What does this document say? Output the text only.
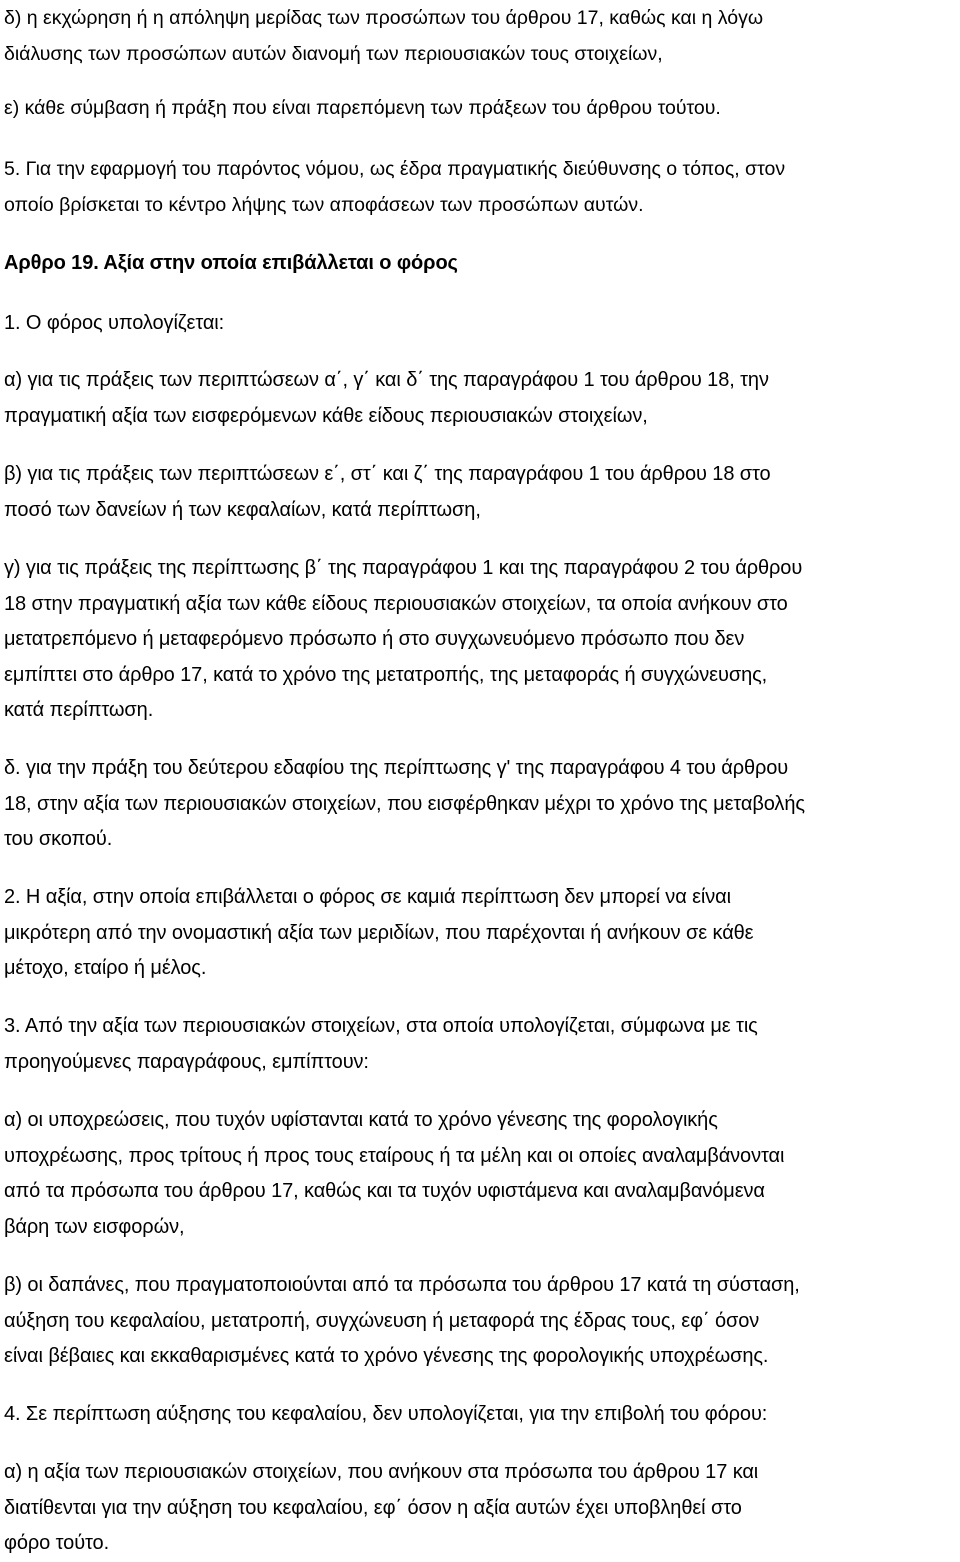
δ) η εκχώρηση ή η απόληψη μερίδας των προσώπων του άρθρου 17, καθώς και η λόγω
διάλυσης των προσώπων αυτών διανομή των περιουσιακών τους στοιχείων,
ε) κάθε σύμβαση ή πράξη που είναι παρεπόμενη των πράξεων του άρθρου τούτου.
5. Για την εφαρμογή του παρόντος νόμου, ως έδρα πραγματικής διεύθυνσης ο τόπος, στον
οποίο βρίσκεται το κέντρο λήψης των αποφάσεων των προσώπων αυτών.
Αρθρο 19. Αξία στην οποία επιβάλλεται ο φόρος
1. Ο φόρος υπολογίζεται:
α) για τις πράξεις των περιπτώσεων α΄, γ΄ και δ΄ της παραγράφου 1 του άρθρου 18, την
πραγματική αξία των εισφερόμενων κάθε είδους περιουσιακών στοιχείων,
β) για τις πράξεις των περιπτώσεων ε΄, στ΄ και ζ΄ της παραγράφου 1 του άρθρου 18 στο
ποσό των δανείων ή των κεφαλαίων, κατά περίπτωση,
γ) για τις πράξεις της περίπτωσης β΄ της παραγράφου 1 και της παραγράφου 2 του άρθρου
18 στην πραγματική αξία των κάθε είδους περιουσιακών στοιχείων, τα οποία ανήκουν στο
μετατρεπόμενο ή μεταφερόμενο πρόσωπο ή στο συγχωνευόμενο πρόσωπο που δεν
εμπίπτει στο άρθρο 17, κατά το χρόνο της μετατροπής, της μεταφοράς ή συγχώνευσης,
κατά περίπτωση.
δ. για την πράξη του δεύτερου εδαφίου της περίπτωσης γ' της παραγράφου 4 του άρθρου
18, στην αξία των περιουσιακών στοιχείων, που εισφέρθηκαν μέχρι το χρόνο της μεταβολής
του σκοπού.
2. Η αξία, στην οποία επιβάλλεται ο φόρος σε καμιά περίπτωση δεν μπορεί να είναι
μικρότερη από την ονομαστική αξία των μεριδίων, που παρέχονται ή ανήκουν σε κάθε
μέτοχο, εταίρο ή μέλος.
3. Από την αξία των περιουσιακών στοιχείων, στα οποία υπολογίζεται, σύμφωνα με τις
προηγούμενες παραγράφους, εμπίπτουν:
α) οι υποχρεώσεις, που τυχόν υφίστανται κατά το χρόνο γένεσης της φορολογικής
υποχρέωσης, προς τρίτους ή προς τους εταίρους ή τα μέλη και οι οποίες αναλαμβάνονται
από τα πρόσωπα του άρθρου 17, καθώς και τα τυχόν υφιστάμενα και αναλαμβανόμενα
βάρη των εισφορών,
β) οι δαπάνες, που πραγματοποιούνται από τα πρόσωπα του άρθρου 17 κατά τη σύσταση,
αύξηση του κεφαλαίου, μετατροπή, συγχώνευση ή μεταφορά της έδρας τους, εφ΄ όσον
είναι βέβαιες και εκκαθαρισμένες κατά το χρόνο γένεσης της φορολογικής υποχρέωσης.
4. Σε περίπτωση αύξησης του κεφαλαίου, δεν υπολογίζεται, για την επιβολή του φόρου:
α) η αξία των περιουσιακών στοιχείων, που ανήκουν στα πρόσωπα του άρθρου 17 και
διατίθενται για την αύξηση του κεφαλαίου, εφ΄ όσον η αξία αυτών έχει υποβληθεί στο
φόρο τούτο.
